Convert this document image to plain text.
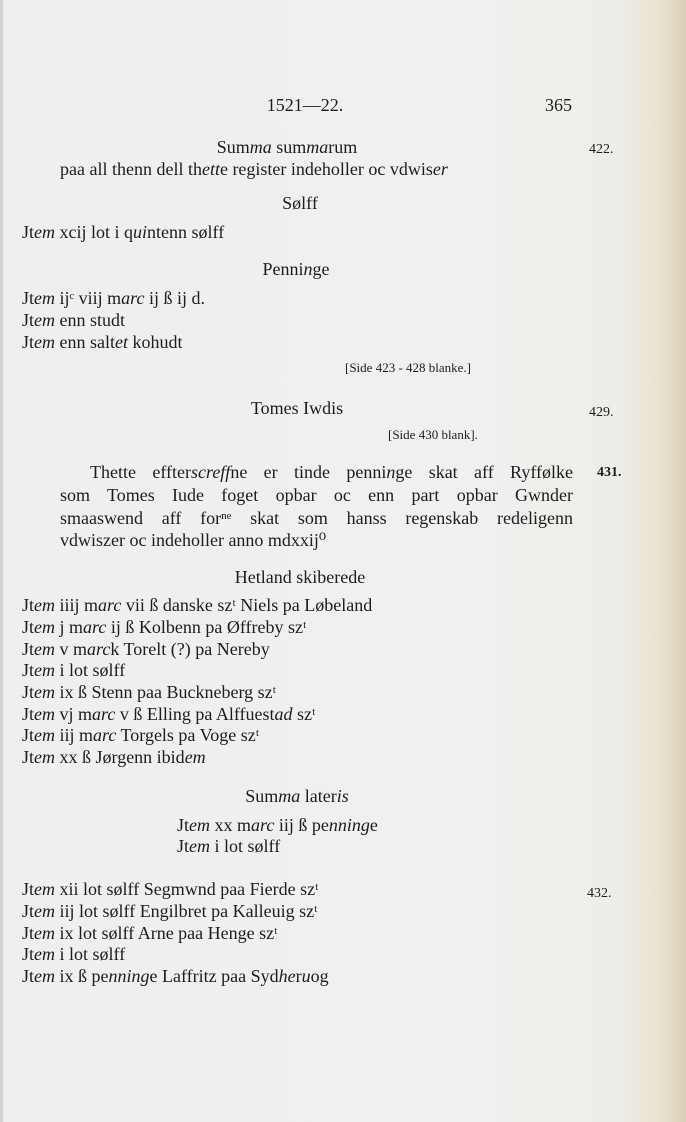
1521—22.	365
422.
429.
431.
432.
Summa summarum
paa all thenn dell thette register indeholler oc vdwiser
Sølff
Jtem xcij lot i quintenn sølff
Penninge
Jtem ijᶜ viij marc ij ß ij d.
Jtem enn studt
Jtem enn saltet kohudt
[Side 423 - 428 blanke.]
Tomes Iwdis
[Side 430 blank].
Thette effterscreffne er tinde penninge skat aff Ryffølke
som Tomes Iude foget opbar oc enn part opbar Gwnder
smaaswend aff forⁿᵉ skat som hanss regenskab redeligenn
vdwiszer oc indeholler anno mdxxij⁰
Hetland skiberede
Jtem iiij marc vii ß danske szᵗ Niels pa Løbeland
Jtem j marc ij ß Kolbenn pa Øffreby szᵗ
Jtem v marck Torelt (?) pa Nereby
Jtem i lot sølff
Jtem ix ß Stenn paa Buckneberg szᵗ
Jtem vj marc v ß Elling pa Alffuestad szᵗ
Jtem iij marc Torgels pa Voge szᵗ
Jtem xx ß Jørgenn ibidem
Summa lateris
Jtem xx marc iij ß penninge
Jtem i lot sølff
Jtem xii lot sølff Segmwnd paa Fierde szᵗ
Jtem iij lot sølff Engilbret pa Kalleuig szᵗ
Jtem ix lot sølff Arne paa Henge szᵗ
Jtem i lot sølff
Jtem ix ß penninge Laffritz paa Sydheruog
